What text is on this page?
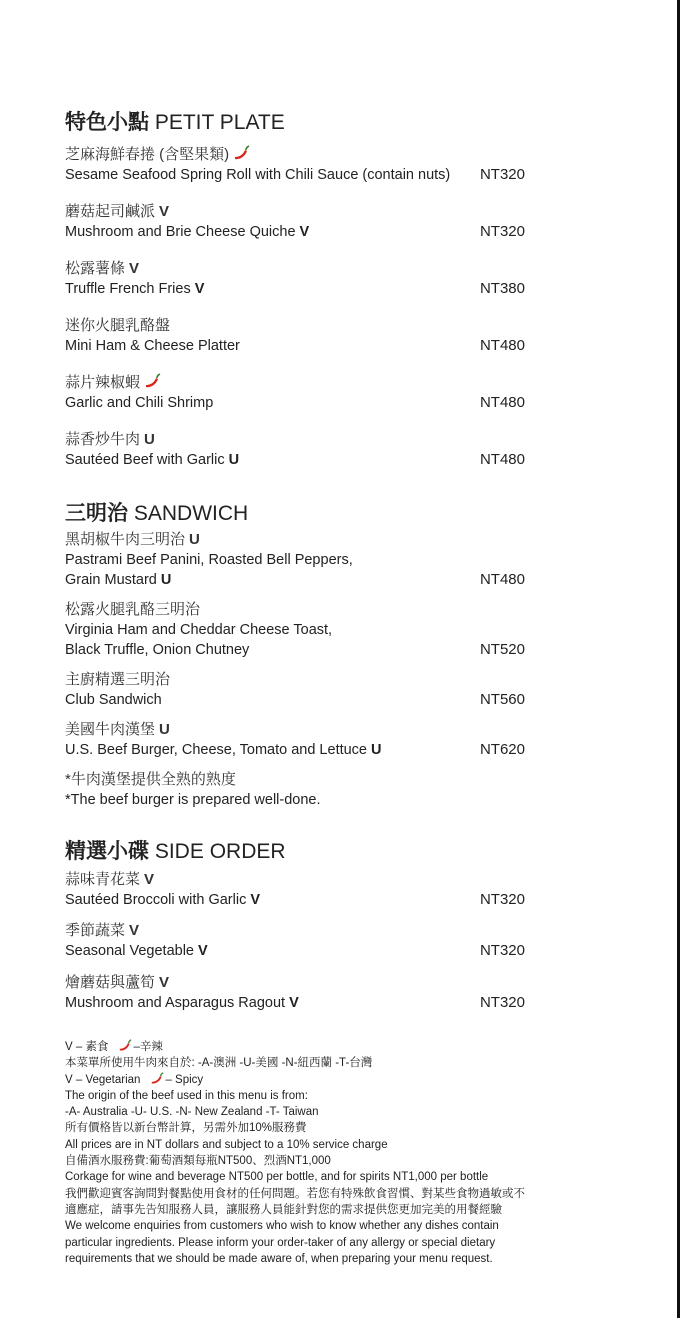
特色小點 PETIT PLATE
芝麻海鮮春捲 (含堅果類)
Sesame Seafood Spring Roll with Chili Sauce (contain nuts)	NT320
蘑菇起司鹹派 V
Mushroom and Brie Cheese Quiche V	NT320
松露薯條 V
Truffle French Fries V	NT380
迷你火腿乳酪盤
Mini Ham & Cheese Platter	NT480
蒜片辣椒蝦
Garlic and Chili Shrimp	NT480
蒜香炒牛肉 U
Sautéed Beef with Garlic U	NT480
三明治 SANDWICH
黑胡椒牛肉三明治 U
Pastrami Beef Panini, Roasted Bell Peppers,
Grain Mustard U	NT480
松露火腿乳酪三明治
Virginia Ham and Cheddar Cheese Toast,
Black Truffle, Onion Chutney	NT520
主廚精選三明治
Club Sandwich	NT560
美國牛肉漢堡 U
U.S. Beef Burger, Cheese, Tomato and Lettuce U	NT620
*牛肉漢堡提供全熟的熟度
*The beef burger is prepared well-done.
精選小碟 SIDE ORDER
蒜味青花菜 V
Sautéed Broccoli with Garlic V	NT320
季節蔬菜 V
Seasonal Vegetable V	NT320
燴蘑菇與蘆筍 V
Mushroom and Asparagus Ragout V	NT320
V – 素食 –辛辣
本菜單所使用牛肉來自於: -A-澳洲 -U-美國 -N-紐西蘭 -T-台灣
V – Vegetarian – Spicy
The origin of the beef used in this menu is from:
-A- Australia -U- U.S. -N- New Zealand -T- Taiwan
所有價格皆以新台幣計算，另需外加10%服務費
All prices are in NT dollars and subject to a 10% service charge
自備酒水服務費:葡萄酒類每瓶NT500、烈酒NT1,000
Corkage for wine and beverage NT500 per bottle, and for spirits NT1,000 per bottle
我們歡迎賓客詢問對餐點使用食材的任何問題。若您有特殊飲食習慣、對某些食物過敏或不適應症，請事先告知服務人員，讓服務人員能針對您的需求提供您更加完美的用餐經驗
We welcome enquiries from customers who wish to know whether any dishes contain particular ingredients. Please inform your order-taker of any allergy or special dietary requirements that we should be made aware of, when preparing your menu request.
